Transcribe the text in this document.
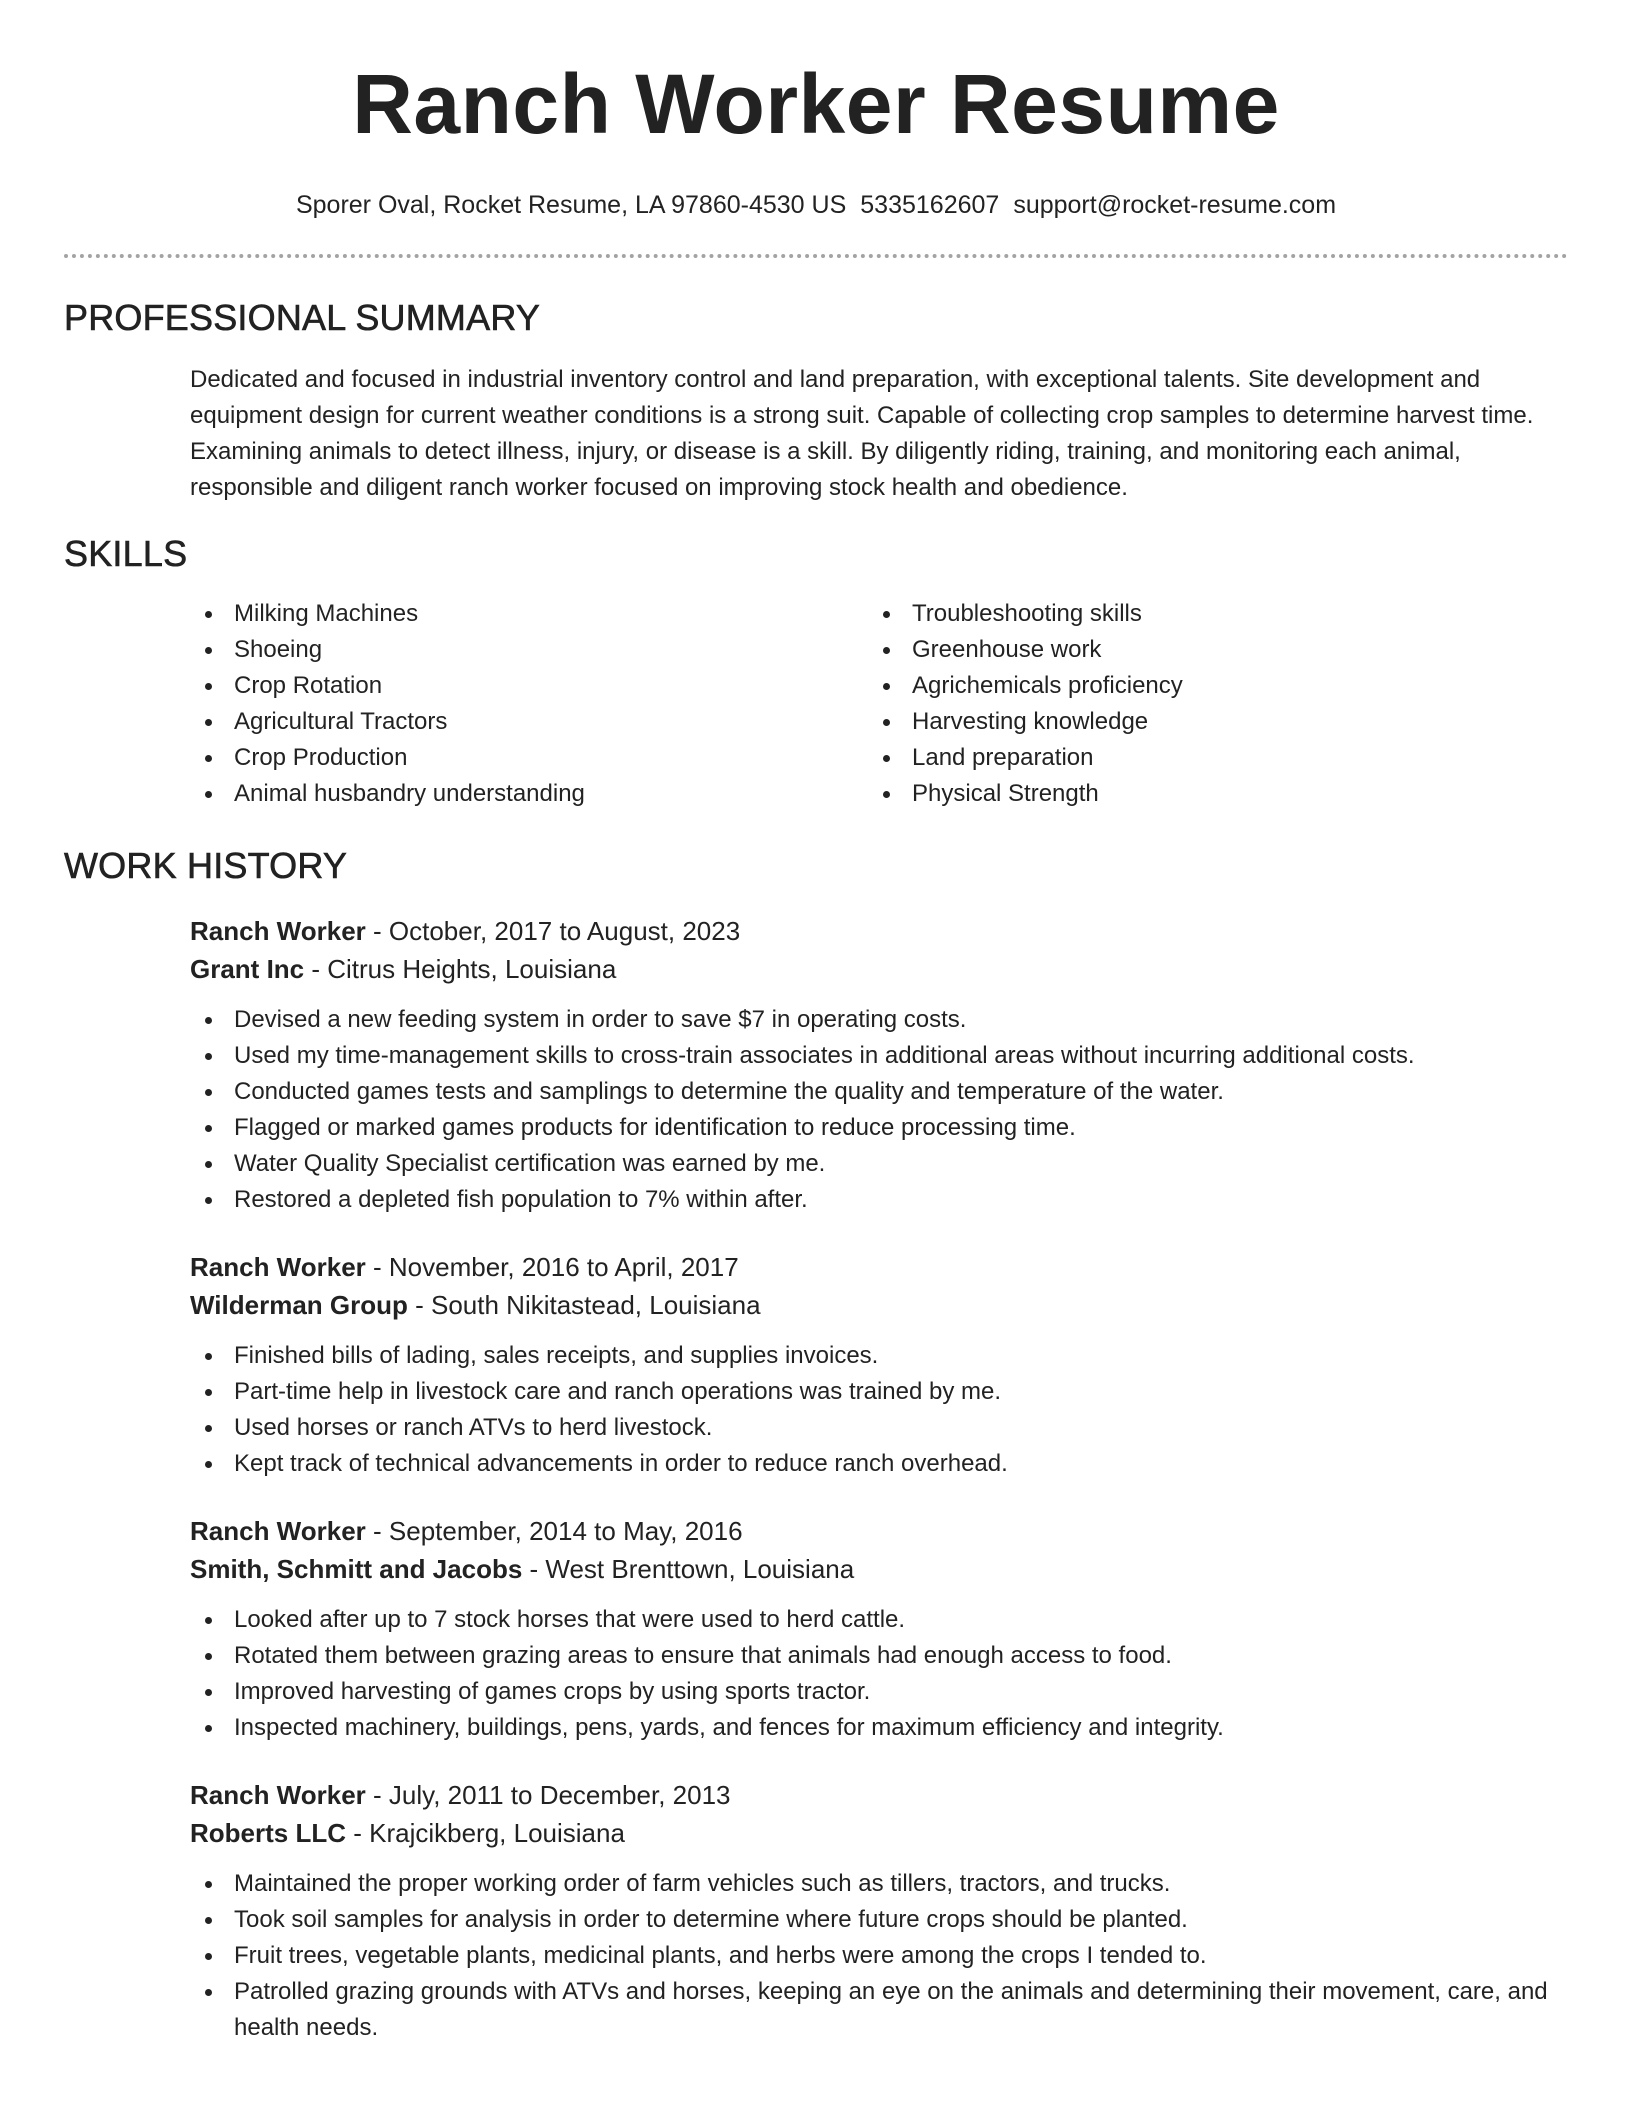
Ranch Worker Resume
Sporer Oval, Rocket Resume, LA 97860-4530 US 5335162607 support@rocket-resume.com
PROFESSIONAL SUMMARY
Dedicated and focused in industrial inventory control and land preparation, with exceptional talents. Site development and equipment design for current weather conditions is a strong suit. Capable of collecting crop samples to determine harvest time. Examining animals to detect illness, injury, or disease is a skill. By diligently riding, training, and monitoring each animal, responsible and diligent ranch worker focused on improving stock health and obedience.
SKILLS
Milking Machines
Shoeing
Crop Rotation
Agricultural Tractors
Crop Production
Animal husbandry understanding
Troubleshooting skills
Greenhouse work
Agrichemicals proficiency
Harvesting knowledge
Land preparation
Physical Strength
WORK HISTORY
Ranch Worker - October, 2017 to August, 2023
Grant Inc - Citrus Heights, Louisiana
Devised a new feeding system in order to save $7 in operating costs.
Used my time-management skills to cross-train associates in additional areas without incurring additional costs.
Conducted games tests and samplings to determine the quality and temperature of the water.
Flagged or marked games products for identification to reduce processing time.
Water Quality Specialist certification was earned by me.
Restored a depleted fish population to 7% within after.
Ranch Worker - November, 2016 to April, 2017
Wilderman Group - South Nikitastead, Louisiana
Finished bills of lading, sales receipts, and supplies invoices.
Part-time help in livestock care and ranch operations was trained by me.
Used horses or ranch ATVs to herd livestock.
Kept track of technical advancements in order to reduce ranch overhead.
Ranch Worker - September, 2014 to May, 2016
Smith, Schmitt and Jacobs - West Brenttown, Louisiana
Looked after up to 7 stock horses that were used to herd cattle.
Rotated them between grazing areas to ensure that animals had enough access to food.
Improved harvesting of games crops by using sports tractor.
Inspected machinery, buildings, pens, yards, and fences for maximum efficiency and integrity.
Ranch Worker - July, 2011 to December, 2013
Roberts LLC - Krajcikberg, Louisiana
Maintained the proper working order of farm vehicles such as tillers, tractors, and trucks.
Took soil samples for analysis in order to determine where future crops should be planted.
Fruit trees, vegetable plants, medicinal plants, and herbs were among the crops I tended to.
Patrolled grazing grounds with ATVs and horses, keeping an eye on the animals and determining their movement, care, and health needs.
